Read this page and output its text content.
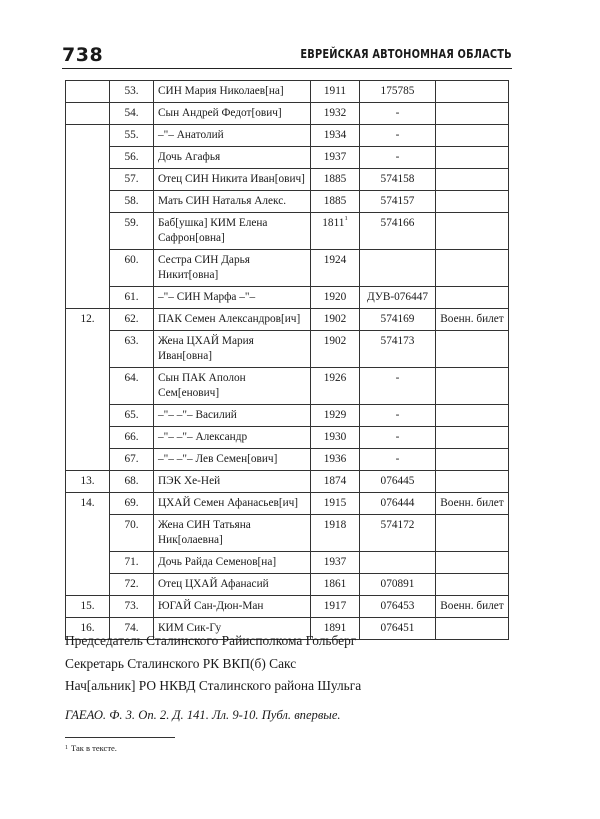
738	ЕВРЕЙСКАЯ АВТОНОМНАЯ ОБЛАСТЬ
	53.	СИН Мария Николаев[на]	1911	175785	
	54.	Сын Андрей Федот[ович]	1932	-	
	55.	–"– Анатолий	1934	-	
	56.	Дочь Агафья	1937	-	
	57.	Отец СИН Никита Иван[ович]	1885	574158	
	58.	Мать СИН Наталья Алекс.	1885	574157	
	59.	Баб[ушка] КИМ Елена Сафрон[овна]	1811$^1$	574166	
	60.	Сестра СИН Дарья Никит[овна]	1924		
	61.	–"– СИН Марфа –"–	1920	ДУВ-076447	
12.	62.	ПАК Семен Александров[ич]	1902	574169	Военн. билет
	63.	Жена ЦХАЙ Мария Иван[овна]	1902	574173	
	64.	Сын ПАК Аполон Сем[енович]	1926	-	
	65.	–"– –"– Василий	1929	-	
	66.	–"– –"– Александр	1930	-	
	67.	–"– –"– Лев Семен[ович]	1936	-	
13.	68.	ПЭК Хе-Ней	1874	076445	
14.	69.	ЦХАЙ Семен Афанасьев[ич]	1915	076444	Военн. билет
	70.	Жена СИН Татьяна Ник[олаевна]	1918	574172	
	71.	Дочь Райда Семенов[на]	1937		
	72.	Отец ЦХАЙ Афанасий	1861	070891	
15.	73.	ЮГАЙ Сан-Дюн-Ман	1917	076453	Военн. билет
16.	74.	КИМ Сик-Гу	1891	076451	
Председатель Сталинского Райисполкома Гольберг
Секретарь Сталинского РК ВКП(б) Сакс
Нач[альник] РО НКВД Сталинского района Шульга
ГАЕАО. Ф. 3. Оп. 2. Д. 141. Лл. 9-10. Публ. впервые.
$^1$ Так в тексте.
